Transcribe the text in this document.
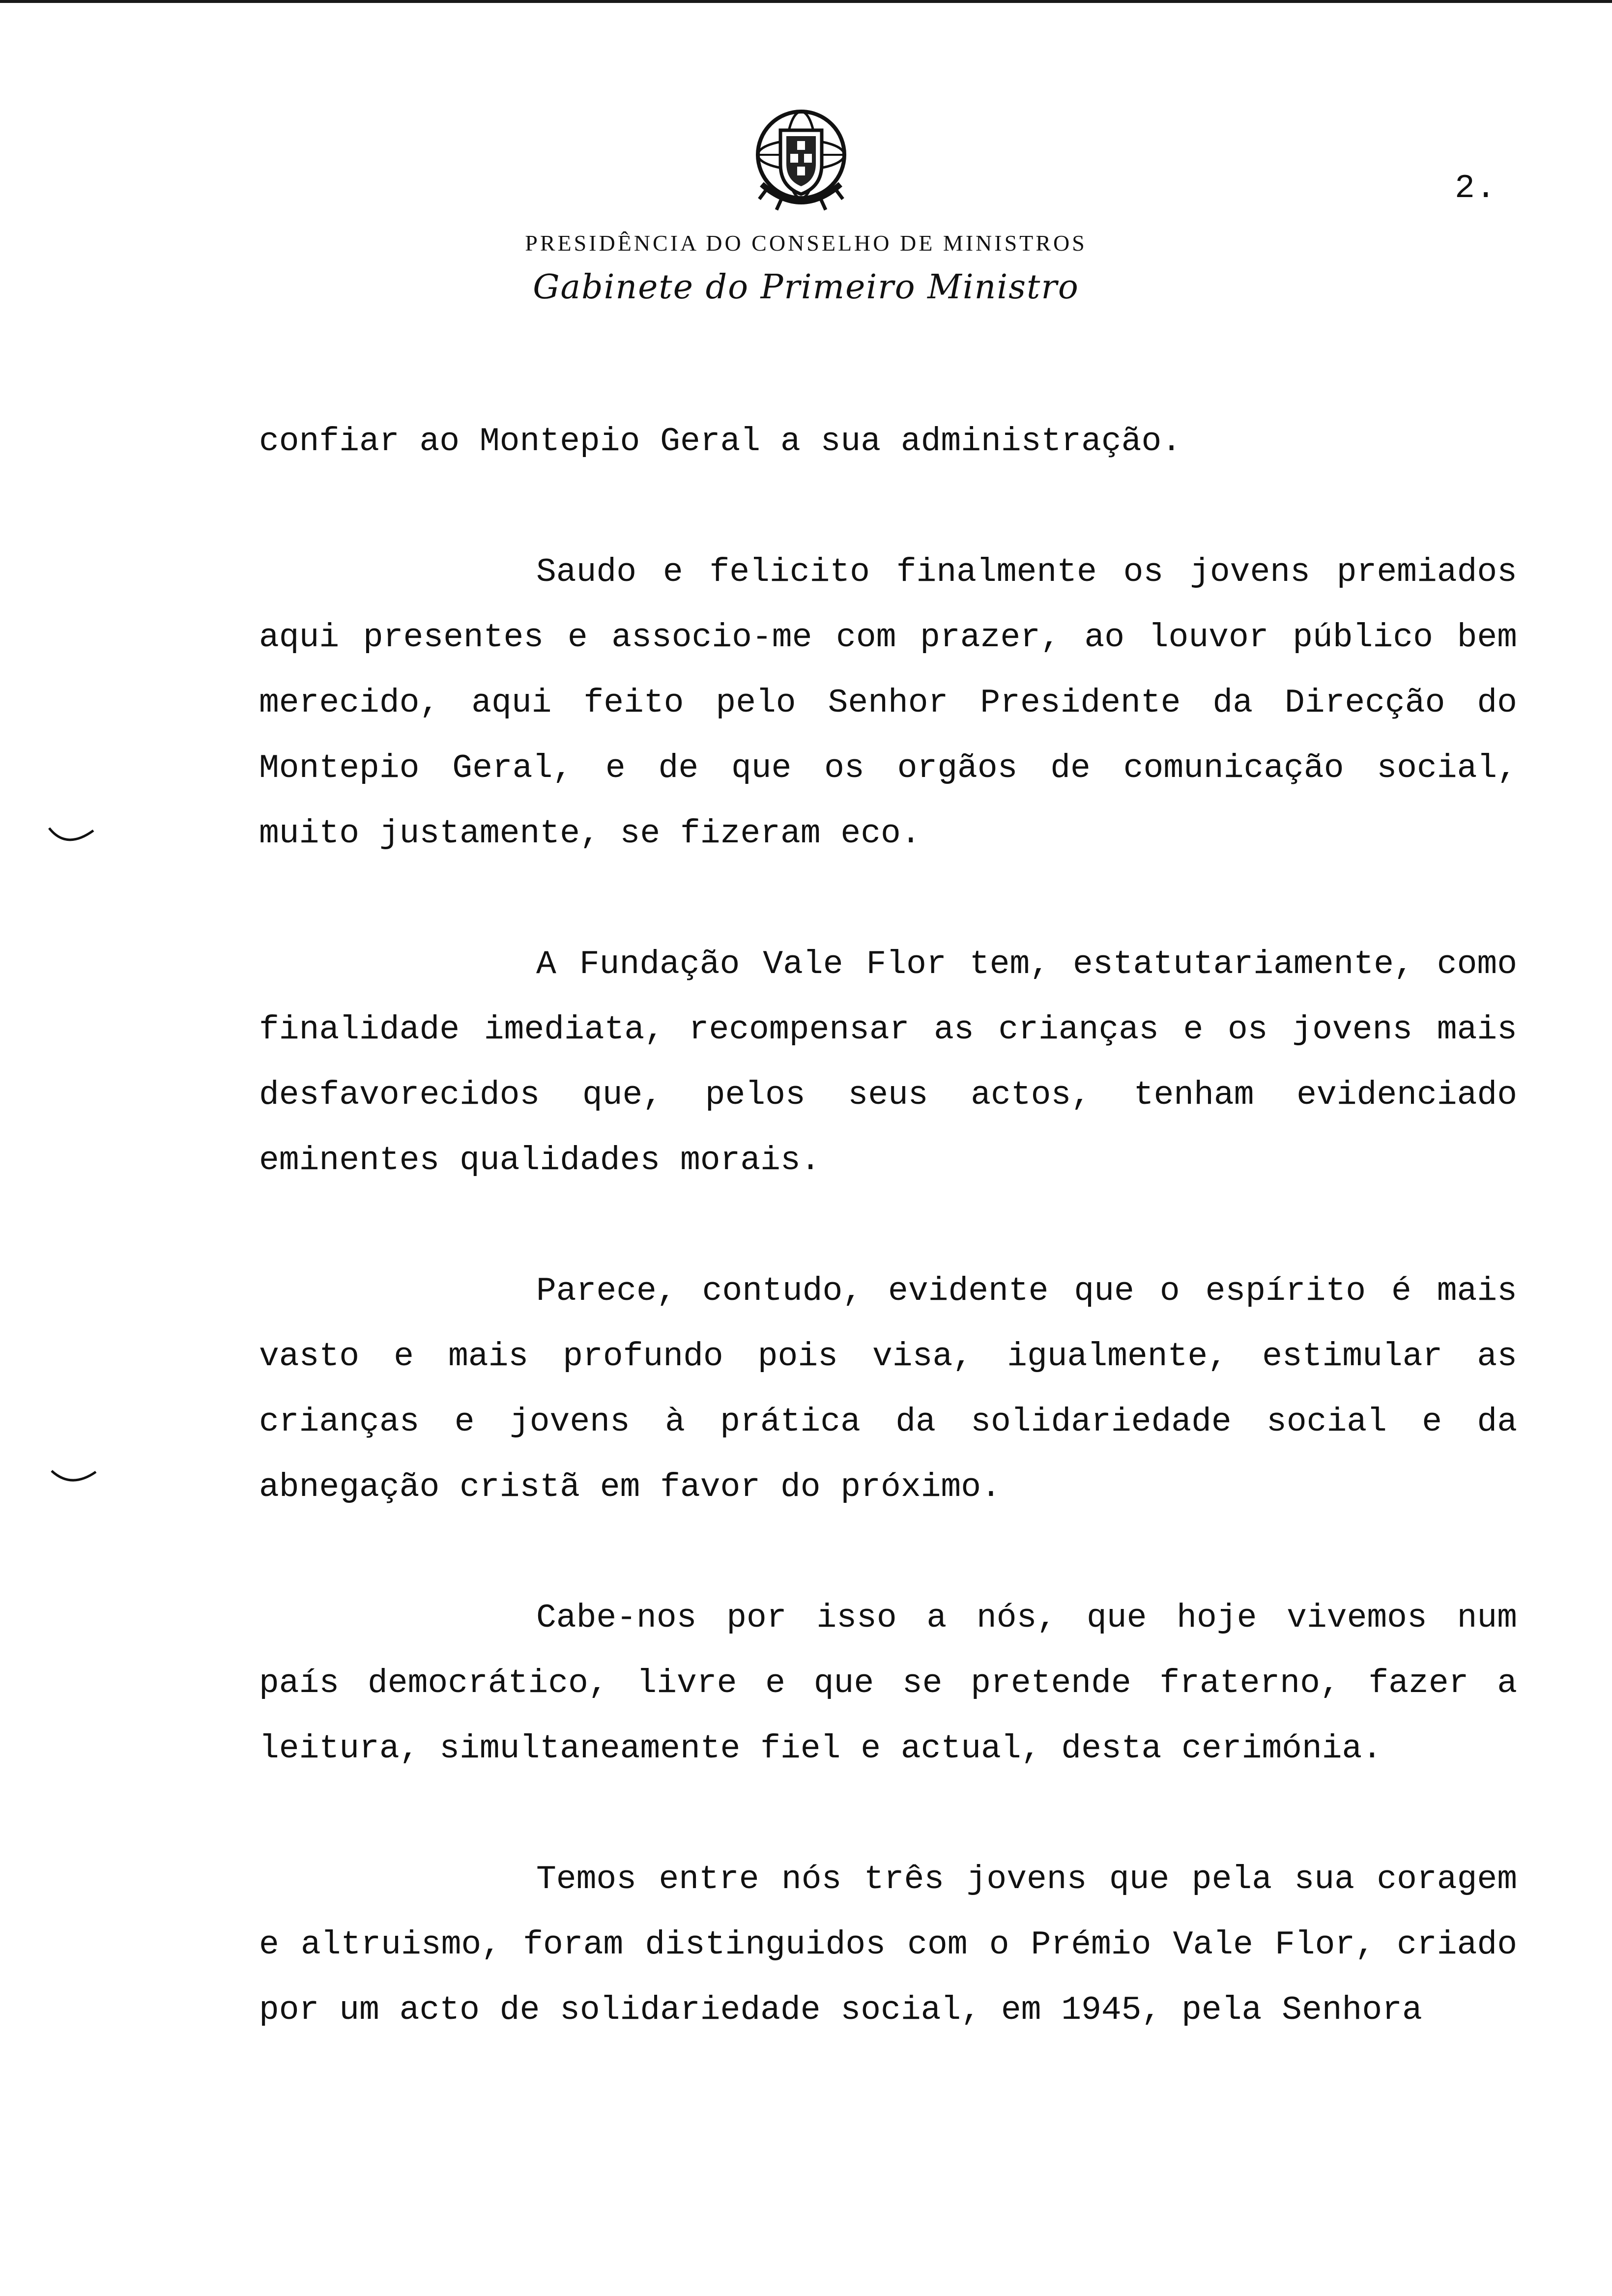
2.
PRESIDÊNCIA DO CONSELHO DE MINISTROS
Gabinete do Primeiro Ministro

confiar ao Montepio Geral a sua administração.

Saudo e felicito finalmente os jovens premiados aqui presentes e associo-me com prazer, ao louvor público bem merecido, aqui feito pelo Senhor Presidente da Direcção do Montepio Geral, e de que os orgãos de comunicação social, muito justamente, se fizeram eco.

A Fundação Vale Flor tem, estatutariamente, como finalidade imediata, recompensar as crianças e os jovens mais desfavorecidos que, pelos seus actos, tenham evidenciado eminentes qualidades morais.

Parece, contudo, evidente que o espírito é mais vasto e mais profundo pois visa, igualmente, estimular as crianças e jovens à prática da solidariedade social e da abnegação cristã em favor do próximo.

Cabe-nos por isso a nós, que hoje vivemos num país democrático, livre e que se pretende fraterno, fazer a leitura, simultaneamente fiel e actual, desta cerimónia.

Temos entre nós três jovens que pela sua coragem e altruismo, foram distinguidos com o Prémio Vale Flor, criado por um acto de solidariedade social, em 1945, pela Senhora
